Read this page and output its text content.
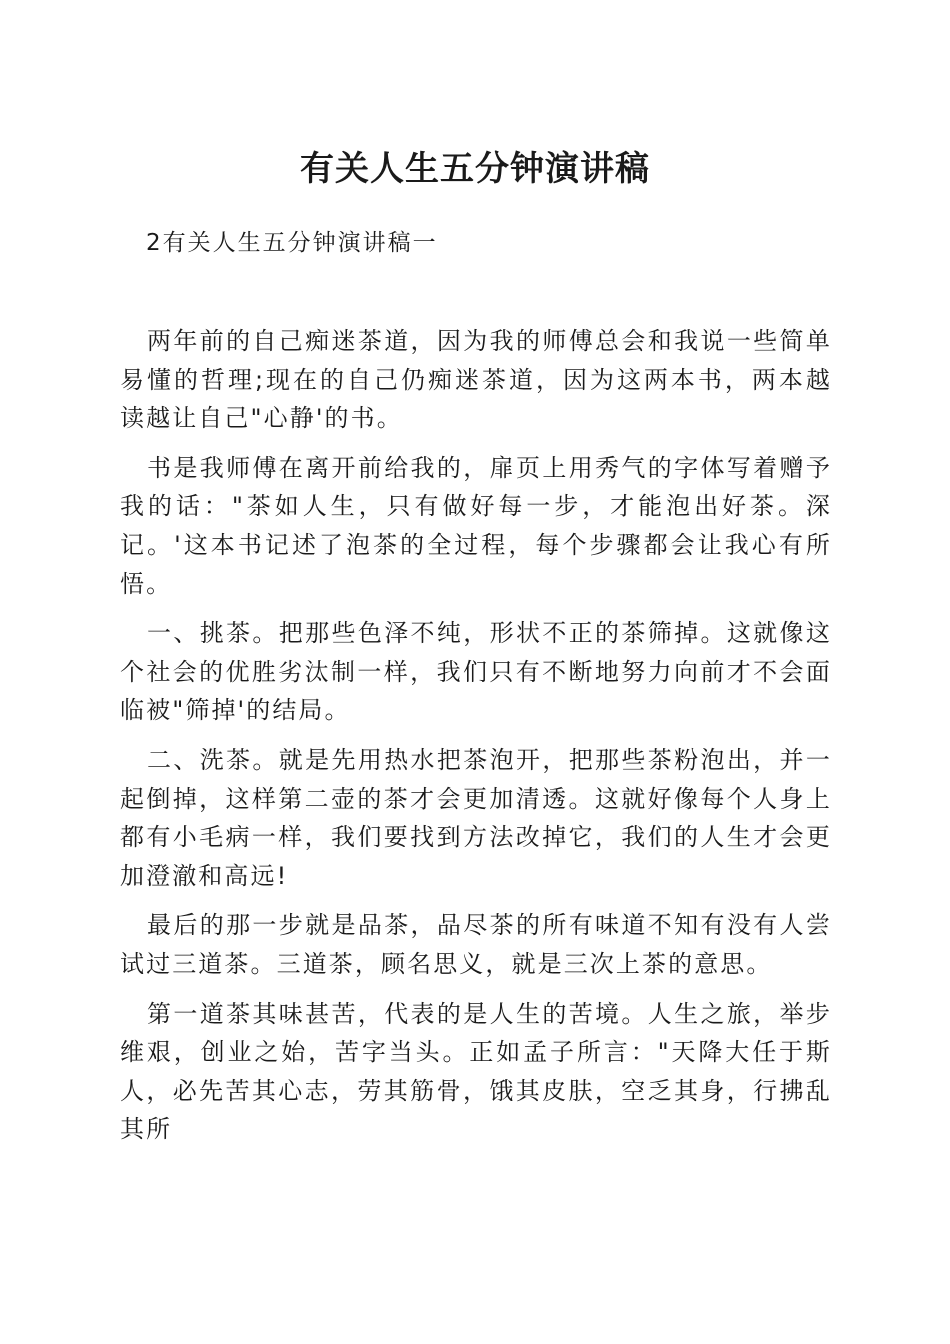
有关人生五分钟演讲稿
2有关人生五分钟演讲稿一

两年前的自己痴迷茶道，因为我的师傅总会和我说一些简单易懂的哲理;现在的自己仍痴迷茶道，因为这两本书，两本越读越让自己"心静'的书。

书是我师傅在离开前给我的，扉页上用秀气的字体写着赠予我的话："茶如人生，只有做好每一步，才能泡出好茶。深记。'这本书记述了泡茶的全过程，每个步骤都会让我心有所悟。

一、挑茶。把那些色泽不纯，形状不正的茶筛掉。这就像这个社会的优胜劣汰制一样，我们只有不断地努力向前才不会面临被"筛掉'的结局。

二、洗茶。就是先用热水把茶泡开，把那些茶粉泡出，并一起倒掉，这样第二壶的茶才会更加清透。这就好像每个人身上都有小毛病一样，我们要找到方法改掉它，我们的人生才会更加澄澈和高远!

最后的那一步就是品茶，品尽茶的所有味道不知有没有人尝试过三道茶。三道茶，顾名思义，就是三次上茶的意思。

第一道茶其味甚苦，代表的是人生的苦境。人生之旅，举步维艰，创业之始，苦字当头。正如孟子所言："天降大任于斯人，必先苦其心志，劳其筋骨，饿其皮肤，空乏其身，行拂乱其所
